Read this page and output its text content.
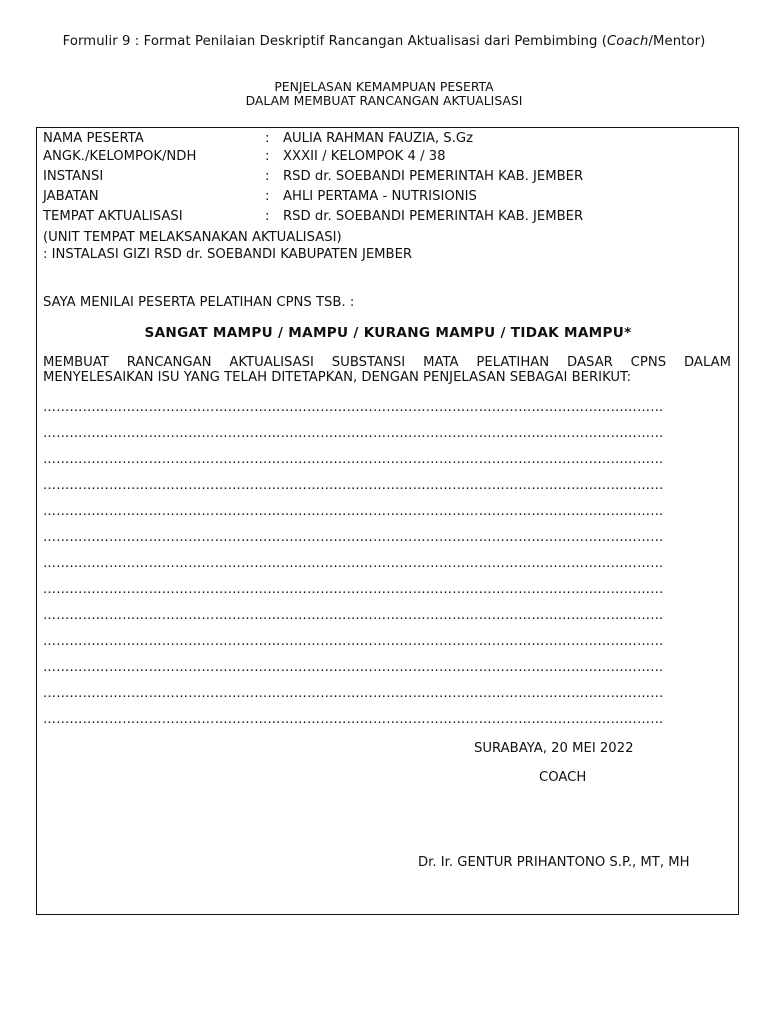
Formulir 9 : Format Penilaian Deskriptif Rancangan Aktualisasi dari Pembimbing (Coach/Mentor)
PENJELASAN KEMAMPUAN PESERTA
DALAM MEMBUAT RANCANGAN AKTUALISASI
NAMA PESERTA	: AULIA RAHMAN FAUZIA, S.Gz
ANGK./KELOMPOK/NDH	: XXXII / KELOMPOK 4 / 38
INSTANSI	: RSD dr. SOEBANDI PEMERINTAH KAB. JEMBER
JABATAN	: AHLI PERTAMA - NUTRISIONIS
TEMPAT AKTUALISASI	: RSD dr. SOEBANDI PEMERINTAH KAB. JEMBER
(UNIT TEMPAT MELAKSANAKAN AKTUALISASI)
: INSTALASI GIZI RSD dr. SOEBANDI KABUPATEN JEMBER
SAYA MENILAI PESERTA PELATIHAN CPNS TSB. :
SANGAT MAMPU / MAMPU / KURANG MAMPU / TIDAK MAMPU*
MEMBUAT RANCANGAN AKTUALISASI SUBSTANSI MATA PELATIHAN DASAR CPNS DALAM MENYELESAIKAN ISU YANG TELAH DITETAPKAN, DENGAN PENJELASAN SEBAGAI BERIKUT:
……………………………………………………………………………………………………………………………
……………………………………………………………………………………………………………………………
……………………………………………………………………………………………………………………………
……………………………………………………………………………………………………………………………
……………………………………………………………………………………………………………………………
……………………………………………………………………………………………………………………………
……………………………………………………………………………………………………………………………
……………………………………………………………………………………………………………………………
……………………………………………………………………………………………………………………………
……………………………………………………………………………………………………………………………
……………………………………………………………………………………………………………………………
……………………………………………………………………………………………………………………………
……………………………………………………………………………………………………………………………
SURABAYA, 20 MEI 2022
COACH
Dr. Ir. GENTUR PRIHANTONO S.P., MT, MH
